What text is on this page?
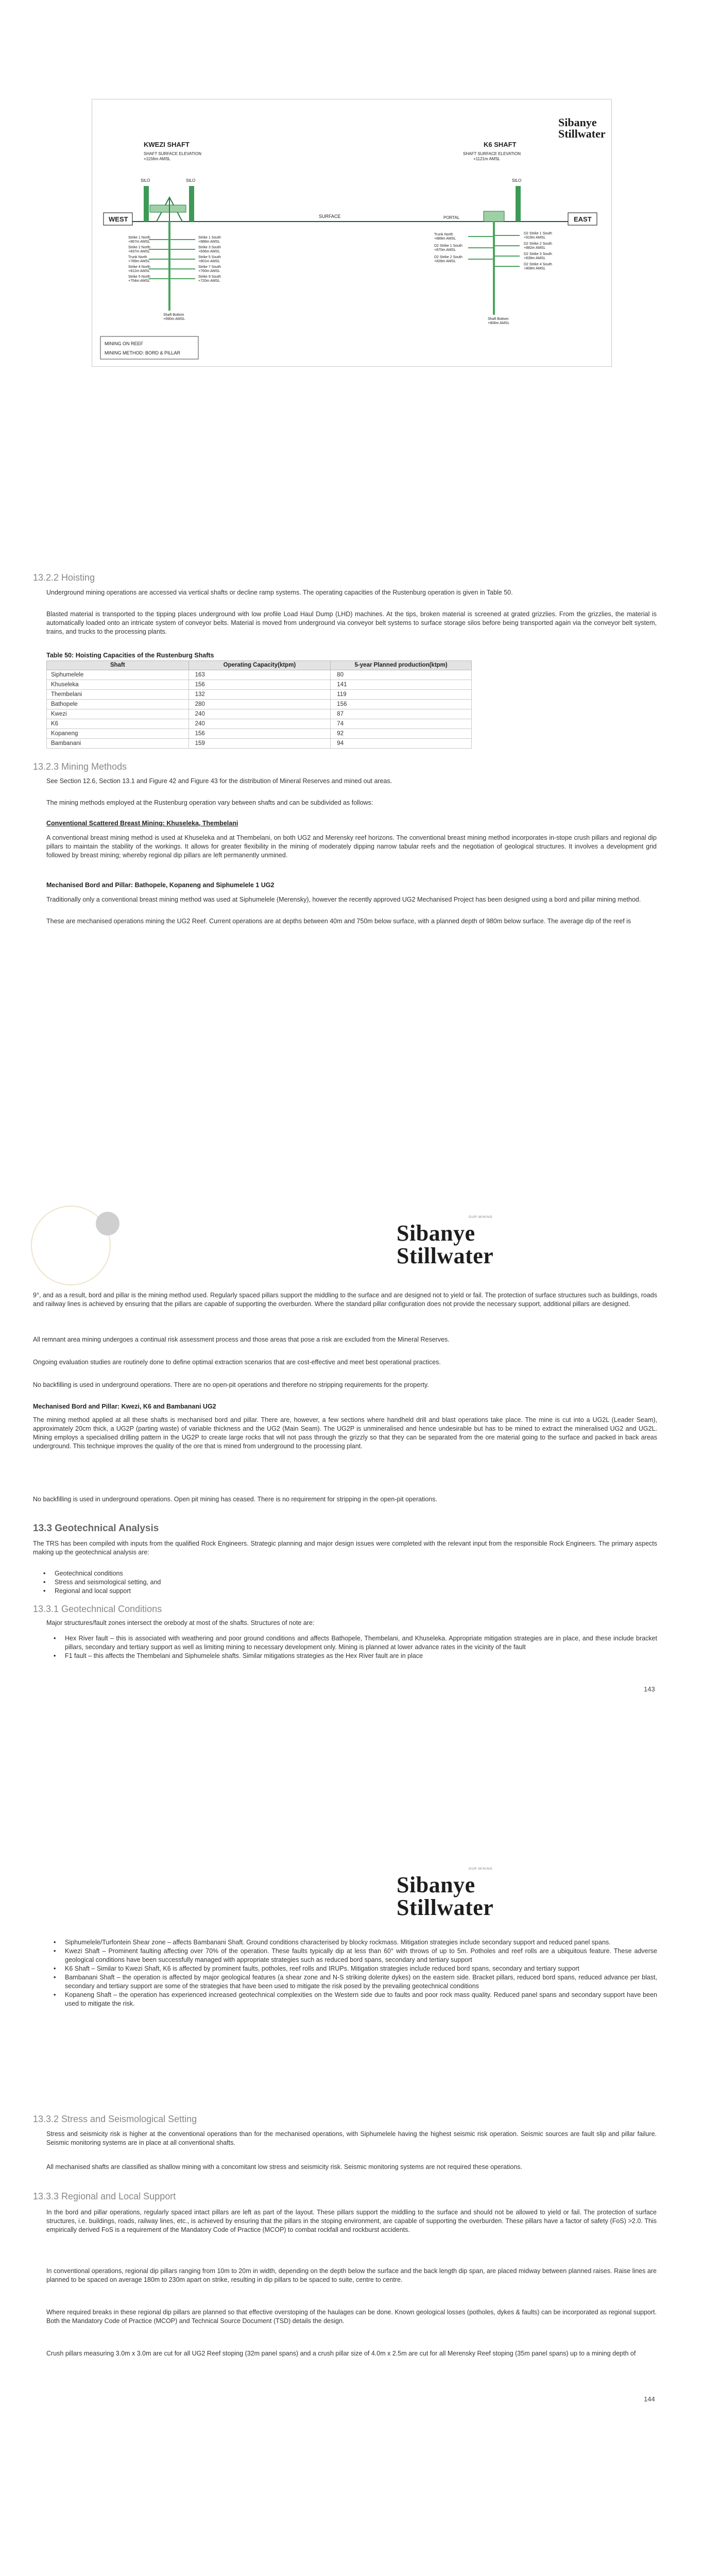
Sibanye
Stillwater
KWEZI SHAFT
SHAFT SURFACE ELEVATION
+1156m AMSL
K6 SHAFT
SHAFT SURFACE ELEVATION
+1121m AMSL
SURFACE
WEST	EAST
SILO	SILO
PORTAL
SILO
Strike 1 North
+867m AMSL
Strike 2 North
+837m AMSL
Trunk North
+789m AMSL
Strike 4 North
+812m AMSL
Strike 5 North
+754m AMSL
Strike 1 South
+888m AMSL
Strike 3 South
+836m AMSL
Strike 5 South
+801m AMSL
Strike 7 South
+760m AMSL
Strike 9 South
+720m AMSL
Trunk North
+889m AMSL
D2 Strike 1 South
+870m AMSL
D2 Strike 2 South
+828m AMSL
D2 Strike 1 South
+919m AMSL
D2 Strike 2 South
+882m AMSL
D2 Strike 3 South
+839m AMSL
D2 Strike 4 South
+808m AMSL
Shaft Bottom
+690m AMSL	Shaft Bottom
+806m AMSL
MINING ON REEF
MINING METHOD: BORD & PILLAR
13.2.2 Hoisting
Underground mining operations are accessed via vertical shafts or decline ramp systems. The operating capacities of the Rustenburg operation is given in Table 50.
Blasted material is transported to the tipping places underground with low profile Load Haul Dump (LHD) machines. At the tips, broken material is screened at grated grizzlies. From the grizzlies, the material is automatically loaded onto an intricate system of conveyor belts. Material is moved from underground via conveyor belt systems to surface storage silos before being transported again via the conveyor belt system, trains, and trucks to the processing plants.
Table 50: Hoisting Capacities of the Rustenburg Shafts
Shaft	Operating Capacity(ktpm)	5-year Planned production(ktpm)
Siphumelele	163	80
Khuseleka	156	141
Thembelani	132	119
Bathopele	280	156
Kwezi	240	87
K6	240	74
Kopaneng	156	92
Bambanani	159	94
13.2.3 Mining Methods
See Section 12.6, Section 13.1 and Figure 42 and Figure 43 for the distribution of Mineral Reserves and mined out areas.
The mining methods employed at the Rustenburg operation vary between shafts and can be subdivided as follows:
Conventional Scattered Breast Mining: Khuseleka, Thembelani
A conventional breast mining method is used at Khuseleka and at Thembelani, on both UG2 and Merensky reef horizons. The conventional breast mining method incorporates in-stope crush pillars and regional dip pillars to maintain the stability of the workings. It allows for greater flexibility in the mining of moderately dipping narrow tabular reefs and the negotiation of geological structures. It involves a development grid followed by breast mining; whereby regional dip pillars are left permanently unmined.
Mechanised Bord and Pillar: Bathopele, Kopaneng and Siphumelele 1 UG2
Traditionally only a conventional breast mining method was used at Siphumelele (Merensky), however the recently approved UG2 Mechanised Project has been designed using a bord and pillar mining method.
These are mechanised operations mining the UG2 Reef. Current operations are at depths between 40m and 750m below surface, with a planned depth of 980m below surface. The average dip of the reef is
OUR MINING
Sibanye
Stillwater
9°, and as a result, bord and pillar is the mining method used. Regularly spaced pillars support the middling to the surface and are designed not to yield or fail. The protection of surface structures such as buildings, roads and railway lines is achieved by ensuring that the pillars are capable of supporting the overburden. Where the standard pillar configuration does not provide the necessary support, additional pillars are designed.
All remnant area mining undergoes a continual risk assessment process and those areas that pose a risk are excluded from the Mineral Reserves.
Ongoing evaluation studies are routinely done to define optimal extraction scenarios that are cost-effective and meet best operational practices.
No backfilling is used in underground operations. There are no open-pit operations and therefore no stripping requirements for the property.
Mechanised Bord and Pillar: Kwezi, K6 and Bambanani UG2
The mining method applied at all these shafts is mechanised bord and pillar. There are, however, a few sections where handheld drill and blast operations take place. The mine is cut into a UG2L (Leader Seam), approximately 20cm thick, a UG2P (parting waste) of variable thickness and the UG2 (Main Seam). The UG2P is unmineralised and hence undesirable but has to be mined to extract the mineralised UG2 and UG2L. Mining employs a specialised drilling pattern in the UG2P to create large rocks that will not pass through the grizzly so that they can be separated from the ore material going to the surface and packed in back areas underground. This technique improves the quality of the ore that is mined from underground to the processing plant.
No backfilling is used in underground operations. Open pit mining has ceased. There is no requirement for stripping in the open-pit operations.
13.3 Geotechnical Analysis
The TRS has been compiled with inputs from the qualified Rock Engineers. Strategic planning and major design issues were completed with the relevant input from the responsible Rock Engineers. The primary aspects making up the geotechnical analysis are:
• Geotechnical conditions
• Stress and seismological setting, and
• Regional and local support
13.3.1 Geotechnical Conditions
Major structures/fault zones intersect the orebody at most of the shafts. Structures of note are:
• Hex River fault – this is associated with weathering and poor ground conditions and affects Bathopele, Thembelani, and Khuseleka. Appropriate mitigation strategies are in place, and these include bracket pillars, secondary and tertiary support as well as limiting mining to necessary development only. Mining is planned at lower advance rates in the vicinity of the fault
• F1 fault – this affects the Thembelani and Siphumelele shafts. Similar mitigations strategies as the Hex River fault are in place
143
OUR MINING
Sibanye
Stillwater
• Siphumelele/Turfontein Shear zone – affects Bambanani Shaft. Ground conditions characterised by blocky rockmass. Mitigation strategies include secondary support and reduced panel spans.
• Kwezi Shaft – Prominent faulting affecting over 70% of the operation. These faults typically dip at less than 60° with throws of up to 5m. Potholes and reef rolls are a ubiquitous feature. These adverse geological conditions have been successfully managed with appropriate strategies such as reduced bord spans, secondary and tertiary support
• K6 Shaft – Similar to Kwezi Shaft, K6 is affected by prominent faults, potholes, reef rolls and IRUPs. Mitigation strategies include reduced bord spans, secondary and tertiary support
• Bambanani Shaft – the operation is affected by major geological features (a shear zone and N-S striking dolerite dykes) on the eastern side. Bracket pillars, reduced bord spans, reduced advance per blast, secondary and tertiary support are some of the strategies that have been used to mitigate the risk posed by the prevailing geotechnical conditions
• Kopaneng Shaft – the operation has experienced increased geotechnical complexities on the Western side due to faults and poor rock mass quality. Reduced panel spans and secondary support have been used to mitigate the risk.
13.3.2 Stress and Seismological Setting
Stress and seismicity risk is higher at the conventional operations than for the mechanised operations, with Siphumelele having the highest seismic risk operation. Seismic sources are fault slip and pillar failure. Seismic monitoring systems are in place at all conventional shafts.
All mechanised shafts are classified as shallow mining with a concomitant low stress and seismicity risk. Seismic monitoring systems are not required these operations.
13.3.3 Regional and Local Support
In the bord and pillar operations, regularly spaced intact pillars are left as part of the layout. These pillars support the middling to the surface and should not be allowed to yield or fail. The protection of surface structures, i.e. buildings, roads, railway lines, etc., is achieved by ensuring that the pillars in the stoping environment, are capable of supporting the overburden. These pillars have a factor of safety (FoS) >2.0. This empirically derived FoS is a requirement of the Mandatory Code of Practice (MCOP) to combat rockfall and rockburst accidents.
In conventional operations, regional dip pillars ranging from 10m to 20m in width, depending on the depth below the surface and the back length dip span, are placed midway between planned raises. Raise lines are planned to be spaced on average 180m to 230m apart on strike, resulting in dip pillars to be spaced to suite, centre to centre.
Where required breaks in these regional dip pillars are planned so that effective overstoping of the haulages can be done. Known geological losses (potholes, dykes & faults) can be incorporated as regional support. Both the Mandatory Code of Practice (MCOP) and Technical Source Document (TSD) details the design.
Crush pillars measuring 3.0m x 3.0m are cut for all UG2 Reef stoping (32m panel spans) and a crush pillar size of 4.0m x 2.5m are cut for all Merensky Reef stoping (35m panel spans) up to a mining depth of
144
